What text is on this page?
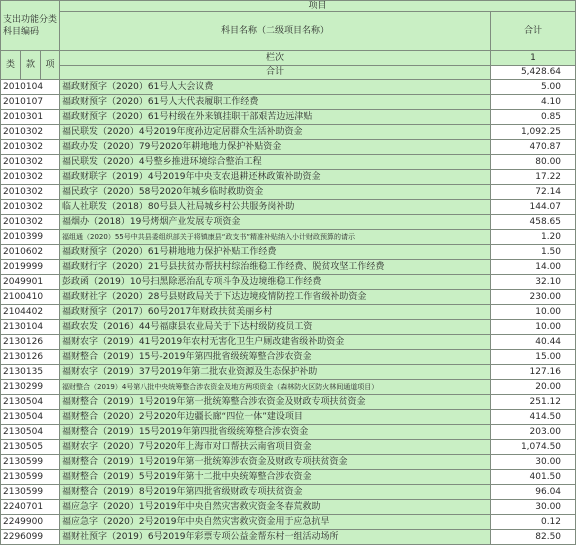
支出功能分类科目编码			项目	
			科目名称（二级项目名称）	合计

类	款	项	栏次	1
			合计	5,428.64
2010104			福政财预字（2020）61号人大会议费	5.00
2010107			福政财预字（2020）61号人大代表履职工作经费	4.10
2010301			福政财预字（2020）61号村级在外来镇挂职干部艰苦边远津贴	0.85
2010302			福民联发（2020）4号2019年度孙边定居群众生活补助资金	1,092.25
2010302			福政办发（2020）79号2020年耕地地力保护补贴资金	470.87
2010302			福民联发（2020）4号整乡推进环境综合整治工程	80.00
2010302			福政财联字（2019）4号2019年中央支农退耕还林政策补助资金	17.22
2010302			福民政字（2020）58号2020年城乡临时救助资金	72.14
2010302			临人社联发（2018）80号县人社局城乡村公共服务岗补助	144.07
2010302			福烟办（2018）19号烤烟产业发展专项资金	458.65
2010399			福组通（2020）55号中共县委组织部关于将镇康县“政支书”精准补贴纳入小计财政预算的请示	1.20
2010602			福政财预字（2020）61号耕地地力保护补贴工作经费	1.50
2019999			福政财行字（2020）21号县扶贫办帮扶村综治维稳工作经费、脱贫攻坚工作经费	14.00
2049901			彭政函（2019）10号扫黑除恶治乱专项斗争及边境维稳工作经费	32.10
2100410			福政财社字（2020）28号县财政局关于下达边境疫情防控工作省级补助资金	230.00
2104402			福政财预字（2017）60号2017年财政扶贫美丽乡村	10.00
2130104			福政农发（2016）44号福康县农业局关于下达村级防疫员工资	10.00
2130126			福财农字（2019）41号2019年农村无害化卫生户厕改建省级补助资金	40.44
2130126			福财整合（2019）15号-2019年第四批省级统筹整合涉农资金	15.00
2130135			福财农字（2019）37号2019年第二批农业资源及生态保护补助	127.16
2130299			福财整合（2019）4号第八批中央统筹整合涉农资金及地方两项资金（森林防火区防火林间通道项目）	20.00
2130504			福财整合（2019）1号2019年第一批统筹整合涉农资金及财政专项扶贫资金	251.12
2130504			福财整合（2020）2号2020年边疆长廊“四位一体”建设项目	414.50
2130504			福财整合（2019）15号2019年第四批省级统筹整合涉农资金	203.00
2130505			福财农字（2020）7号2020年上海市对口帮扶云南省项目资金	1,074.50
2130599			福财整合（2019）1号2019年第一批统筹涉农资金及财政专项扶贫资金	30.00
2130599			福财整合（2019）5号2019年第十二批中央统筹整合涉农资金	401.50
2130599			福财整合（2019）8号2019年第四批省级财政专项扶贫资金	96.04
2240701			福应急字（2020）1号2019年中央自然灾害救灾资金冬春荒救助	30.00
2249900			福应急字（2020）2号2019年中央自然灾害救灾资金用于应急抗旱	0.12
2296099			福财社预字（2019）6号2019年彩票专项公益金帮东村一组活动场所	82.50
